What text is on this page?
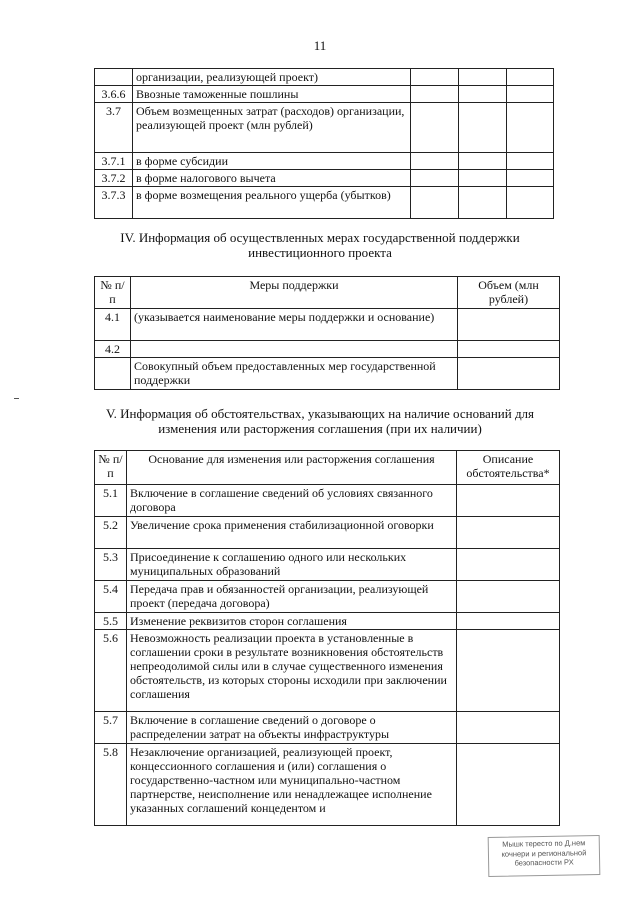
11
	организации, реализующей проект)			
3.6.6	Ввозные таможенные пошлины			
3.7	Объем возмещенных затрат (расходов) организации, реализующей проект (млн рублей)			
3.7.1	в форме субсидии			
3.7.2	в форме налогового вычета			
3.7.3	в форме возмещения реального ущерба (убытков)			
IV. Информация об осуществленных мерах государственной поддержки инвестиционного проекта
№ п/п	Меры поддержки	Объем (млн рублей)
4.1	(указывается наименование меры поддержки и основание)	
4.2		
	Совокупный объем предоставленных мер государственной поддержки	
V. Информация об обстоятельствах, указывающих на наличие оснований для изменения или расторжения соглашения (при их наличии)
№ п/п	Основание для изменения или расторжения соглашения	Описание обстоятельства*
5.1	Включение в соглашение сведений об условиях связанного договора	
5.2	Увеличение срока применения стабилизационной оговорки	
5.3	Присоединение к соглашению одного или нескольких муниципальных образований	
5.4	Передача прав и обязанностей организации, реализующей проект (передача договора)	
5.5	Изменение реквизитов сторон соглашения	
5.6	Невозможность реализации проекта в установленные в соглашении сроки в результате возникновения обстоятельств непреодолимой силы или в случае существенного изменения обстоятельств, из которых стороны исходили при заключении соглашения	
5.7	Включение в соглашение сведений о договоре о распределении затрат на объекты инфраструктуры	
5.8	Незаключение организацией, реализующей проект, концессионного соглашения и (или) соглашения о государственно-частном или муниципально-частном партнерстве, неисполнение или ненадлежащее исполнение указанных соглашений концедентом и	
Мышк тересто по Д.нем
кочнери и региональной
безопасности РХ
